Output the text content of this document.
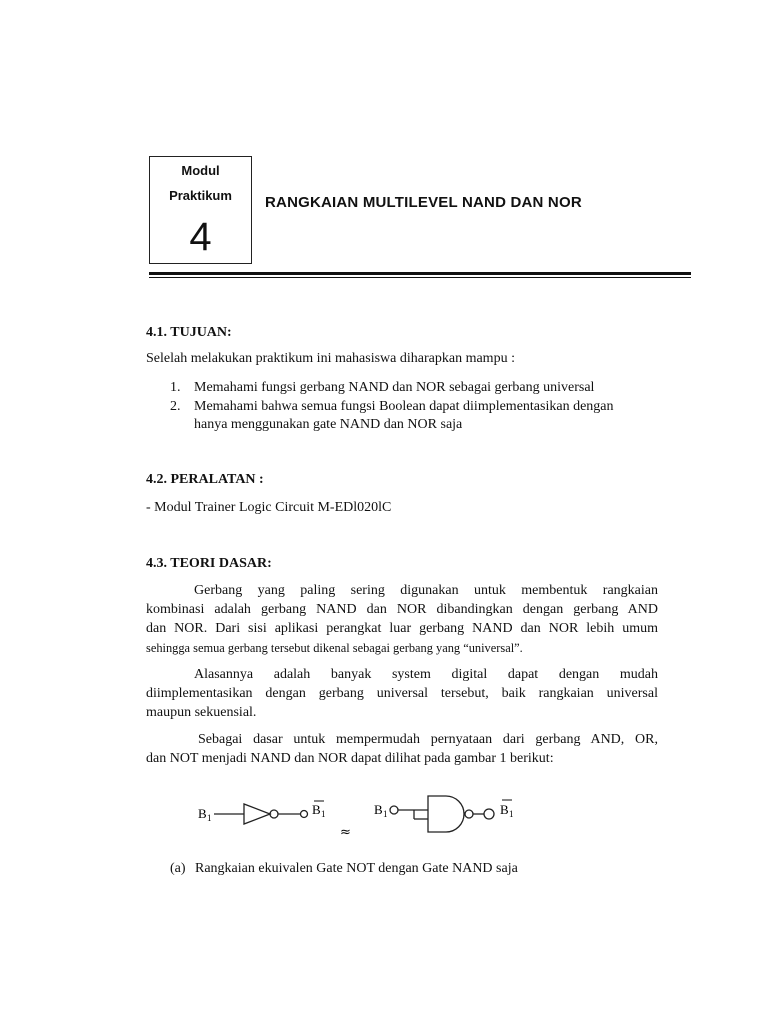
Modul
Praktikum
4
RANGKAIAN MULTILEVEL NAND DAN NOR
4.1. TUJUAN:
Selelah melakukan praktikum ini mahasiswa diharapkan mampu :
1. Memahami fungsi gerbang NAND dan NOR sebagai gerbang universal
2. Memahami bahwa semua fungsi Boolean dapat diimplementasikan dengan
hanya menggunakan gate NAND dan NOR saja
4.2. PERALATAN :
- Modul Trainer Logic Circuit M-EDl020lC
4.3. TEORI DASAR:
Gerbang yang paling sering digunakan untuk membentuk rangkaian
kombinasi adalah gerbang NAND dan NOR dibandingkan dengan gerbang AND
dan NOR. Dari sisi aplikasi perangkat luar gerbang NAND dan NOR lebih umum
sehingga semua gerbang tersebut dikenal sebagai gerbang yang “universal”.
Alasannya adalah banyak system digital dapat dengan mudah
diimplementasikan dengan gerbang universal tersebut, baik rangkaian universal
maupun sekuensial.
Sebagai dasar untuk mempermudah pernyataan dari gerbang AND, OR,
dan NOT menjadi NAND dan NOR dapat dilihat pada gambar 1 berikut:
B 1
B 1
≈
B 1	B 1
(a) Rangkaian ekuivalen Gate NOT dengan Gate NAND saja
